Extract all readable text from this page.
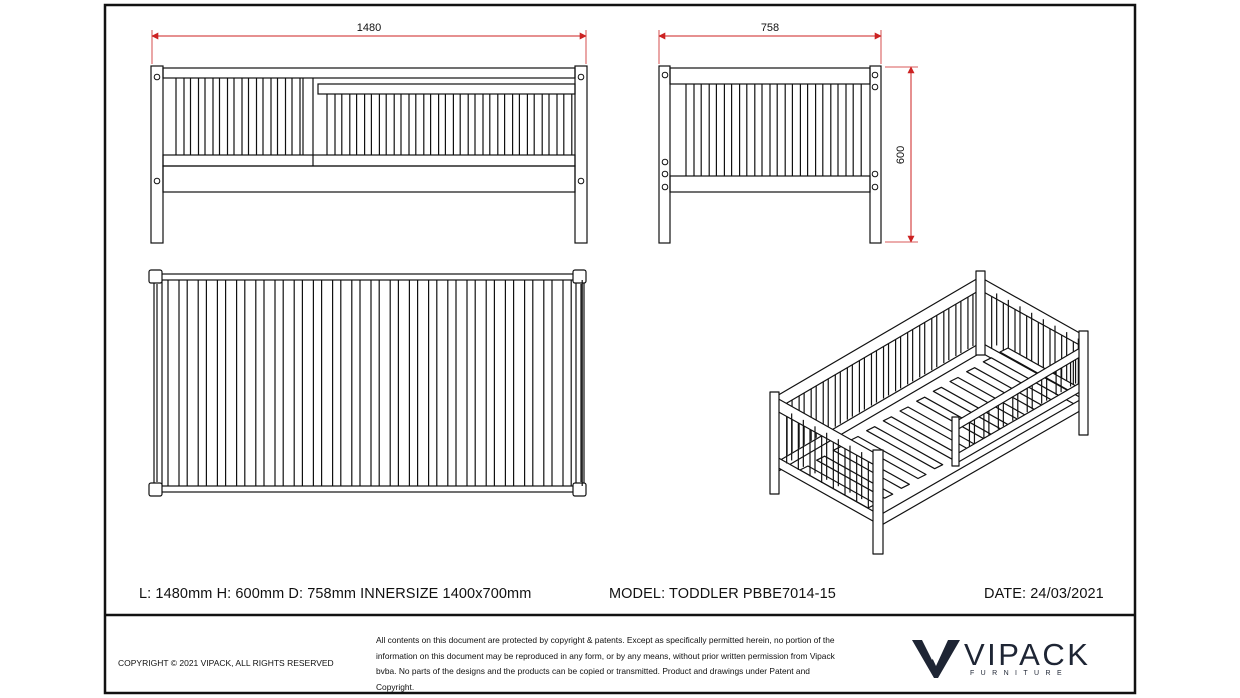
1480	758
600
L: 1480mm H: 600mm D: 758mm INNERSIZE 1400x700mm	MODEL: TODDLER PBBE7014-15	DATE: 24/03/2021
COPYRIGHT © 2021 VIPACK, ALL RIGHTS RESERVED
All contents on this document are protected by copyright & patents. Except as specifically permitted herein, no portion of the information on this document may be reproduced in any form, or by any means, without prior written permission from Vipack bvba. No parts of the designs and the products can be copied or transmitted. Product and drawings under Patent and Copyright.
VIPACK
FURNITURE
